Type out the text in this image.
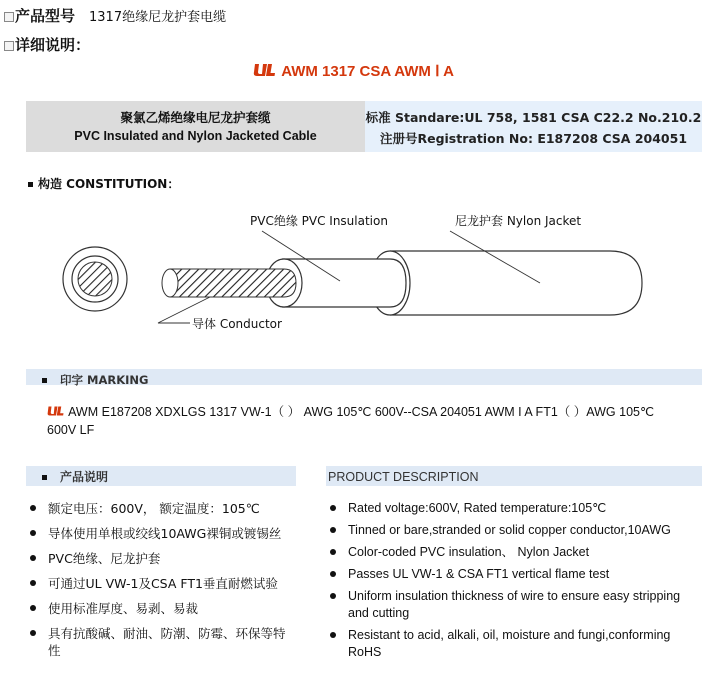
产品型号 1317绝缘尼龙护套电缆
详细说明：
AWM 1317 CSA AWM Ⅰ A
聚氯乙烯绝缘电尼龙护套缆
PVC Insulated and Nylon Jacketed Cable
标准 Standare:UL 758, 1581 CSA C22.2 No.210.2
注册号Registration No: E187208 CSA 204051
构造 CONSTITUTION：
PVC绝缘 PVC Insulation	尼龙护套 Nylon Jacket
导体 Conductor
印字 MARKING
AWM E187208 XDXLGS 1317 VW-1（ ） AWG 105℃ 600V--CSA 204051 AWM I A FT1（ ）AWG 105℃ 600V LF
产品说明	PRODUCT DESCRIPTION
额定电压：600V， 额定温度：105℃
导体使用单根或绞线10AWG裸铜或镀锡丝
PVC绝缘、尼龙护套
可通过UL VW-1及CSA FT1垂直耐燃试验
使用标准厚度、易剥、易裁
具有抗酸碱、耐油、防潮、防霉、环保等特性
Rated voltage:600V, Rated temperature:105℃
Tinned or bare,stranded or solid copper conductor,10AWG
Color-coded PVC insulation、 Nylon Jacket
Passes UL VW-1 & CSA FT1 vertical flame test
Uniform insulation thickness of wire to ensure easy stripping and cutting
Resistant to acid, alkali, oil, moisture and fungi,conforming RoHS
